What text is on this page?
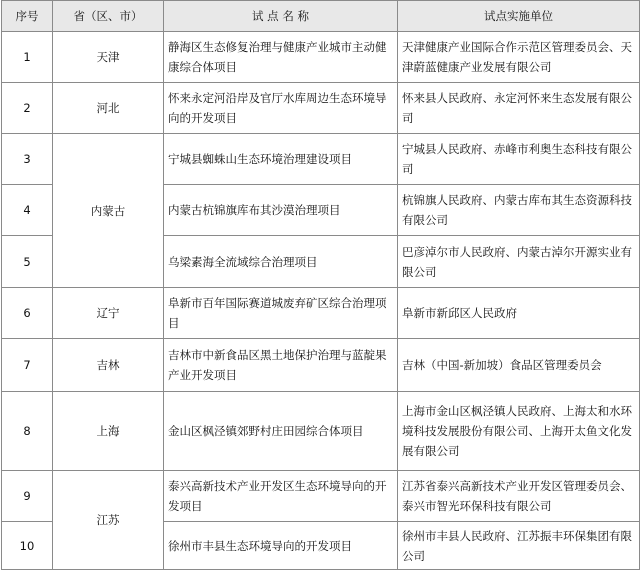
序号	省（区、市）	试 点 名 称	试点实施单位
1	天津	静海区生态修复治理与健康产业城市主动健康综合体项目	天津健康产业国际合作示范区管理委员会、天津蔚蓝健康产业发展有限公司
2	河北	怀来永定河沿岸及官厅水库周边生态环境导向的开发项目	怀来县人民政府、永定河怀来生态发展有限公司
3	内蒙古	宁城县蜘蛛山生态环境治理建设项目	宁城县人民政府、赤峰市利奥生态科技有限公司
4		内蒙古杭锦旗库布其沙漠治理项目	杭锦旗人民政府、内蒙古库布其生态资源科技有限公司
5		乌梁素海全流域综合治理项目	巴彦淖尔市人民政府、内蒙古淖尔开源实业有限公司
6	辽宁	阜新市百年国际赛道城废弃矿区综合治理项目	阜新市新邱区人民政府
7	吉林	吉林市中新食品区黑土地保护治理与蓝靛果产业开发项目	吉林（中国-新加坡）食品区管理委员会
8	上海	金山区枫泾镇郊野村庄田园综合体项目	上海市金山区枫泾镇人民政府、上海太和水环境科技发展股份有限公司、上海开太鱼文化发展有限公司
9	江苏	泰兴高新技术产业开发区生态环境导向的开发项目	江苏省泰兴高新技术产业开发区管理委员会、泰兴市智光环保科技有限公司
10		徐州市丰县生态环境导向的开发项目	徐州市丰县人民政府、江苏振丰环保集团有限公司
